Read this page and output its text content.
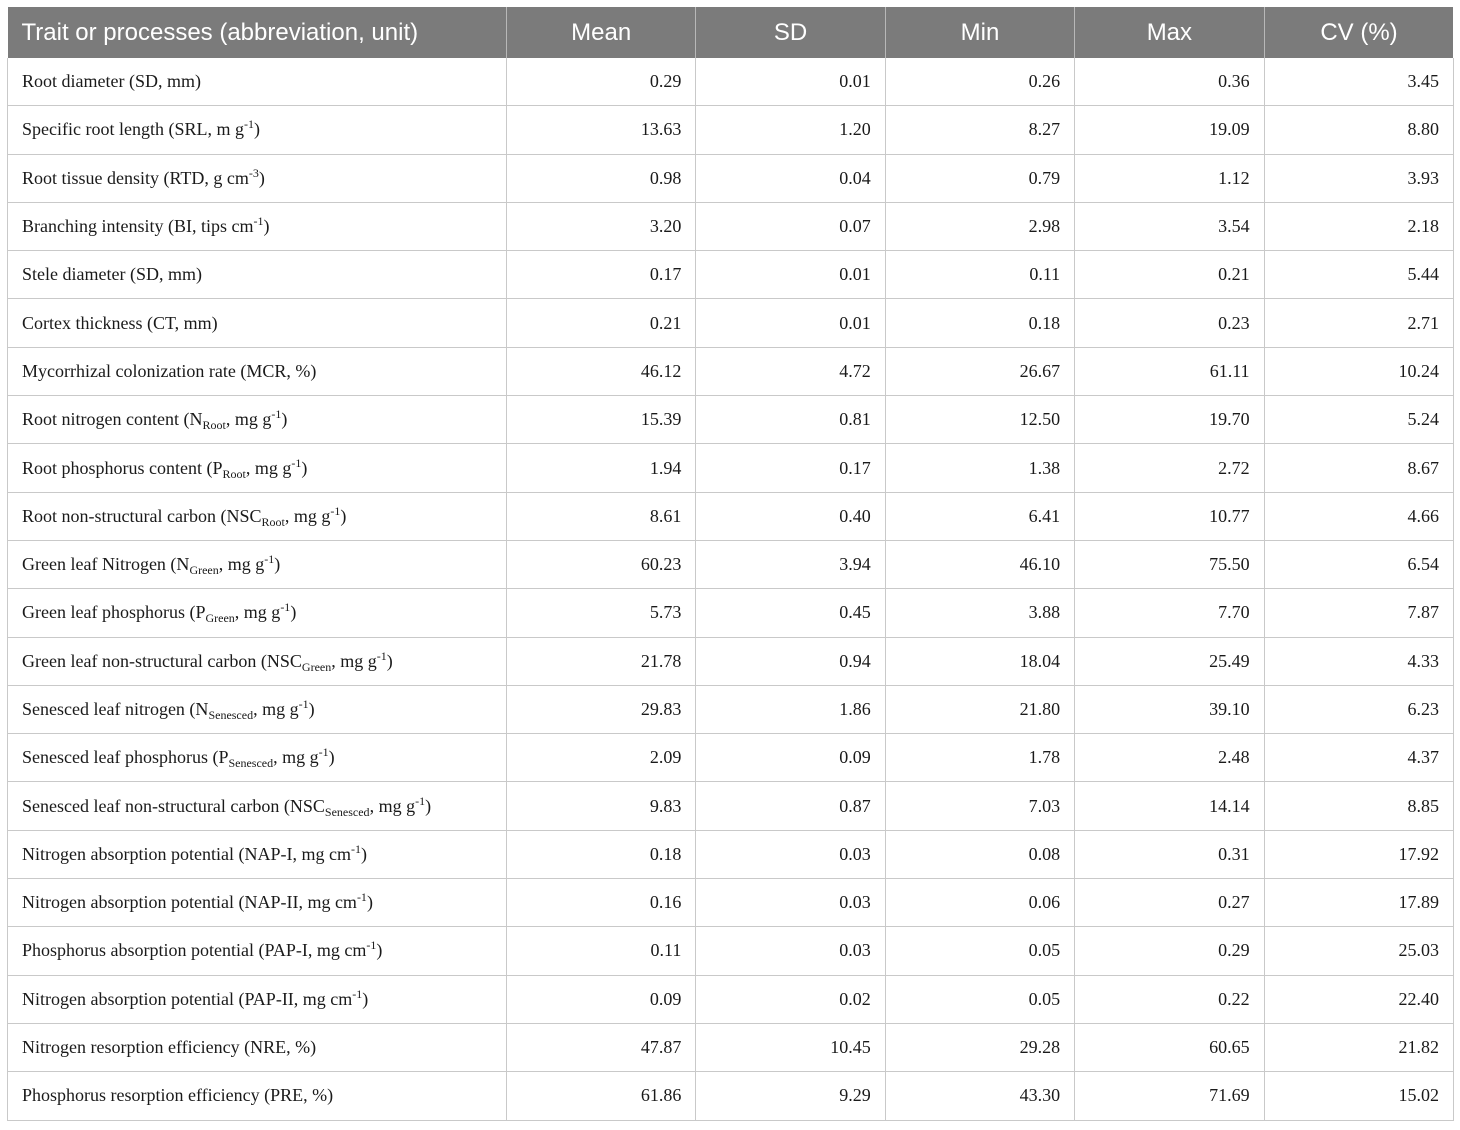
Trait or processes (abbreviation, unit)	Mean	SD	Min	Max	CV (%)
Root diameter (SD, mm)	0.29	0.01	0.26	0.36	3.45
Specific root length (SRL, m $g^{-1}$)	13.63	1.20	8.27	19.09	8.80
Root tissue density (RTD, g $cm^{-3}$)	0.98	0.04	0.79	1.12	3.93
Branching intensity (BI, tips $cm^{-1}$)	3.20	0.07	2.98	3.54	2.18
Stele diameter (SD, mm)	0.17	0.01	0.11	0.21	5.44
Cortex thickness (CT, mm)	0.21	0.01	0.18	0.23	2.71
Mycorrhizal colonization rate (MCR, %)	46.12	4.72	26.67	61.11	10.24
Root nitrogen content ($N_{Root}$, mg $g^{-1}$)	15.39	0.81	12.50	19.70	5.24
Root phosphorus content ($P_{Root}$, mg $g^{-1}$)	1.94	0.17	1.38	2.72	8.67
Root non-structural carbon ($NSC_{Root}$, mg $g^{-1}$)	8.61	0.40	6.41	10.77	4.66
Green leaf Nitrogen ($N_{Green}$, mg $g^{-1}$)	60.23	3.94	46.10	75.50	6.54
Green leaf phosphorus ($P_{Green}$, mg $g^{-1}$)	5.73	0.45	3.88	7.70	7.87
Green leaf non-structural carbon ($NSC_{Green}$, mg $g^{-1}$)	21.78	0.94	18.04	25.49	4.33
Senesced leaf nitrogen ($N_{Senesced}$, mg $g^{-1}$)	29.83	1.86	21.80	39.10	6.23
Senesced leaf phosphorus ($P_{Senesced}$, mg $g^{-1}$)	2.09	0.09	1.78	2.48	4.37
Senesced leaf non-structural carbon ($NSC_{Senesced}$, mg $g^{-1}$)	9.83	0.87	7.03	14.14	8.85
Nitrogen absorption potential (NAP-I, mg $cm^{-1}$)	0.18	0.03	0.08	0.31	17.92
Nitrogen absorption potential (NAP-II, mg $cm^{-1}$)	0.16	0.03	0.06	0.27	17.89
Phosphorus absorption potential (PAP-I, mg $cm^{-1}$)	0.11	0.03	0.05	0.29	25.03
Nitrogen absorption potential (PAP-II, mg $cm^{-1}$)	0.09	0.02	0.05	0.22	22.40
Nitrogen resorption efficiency (NRE, %)	47.87	10.45	29.28	60.65	21.82
Phosphorus resorption efficiency (PRE, %)	61.86	9.29	43.30	71.69	15.02
